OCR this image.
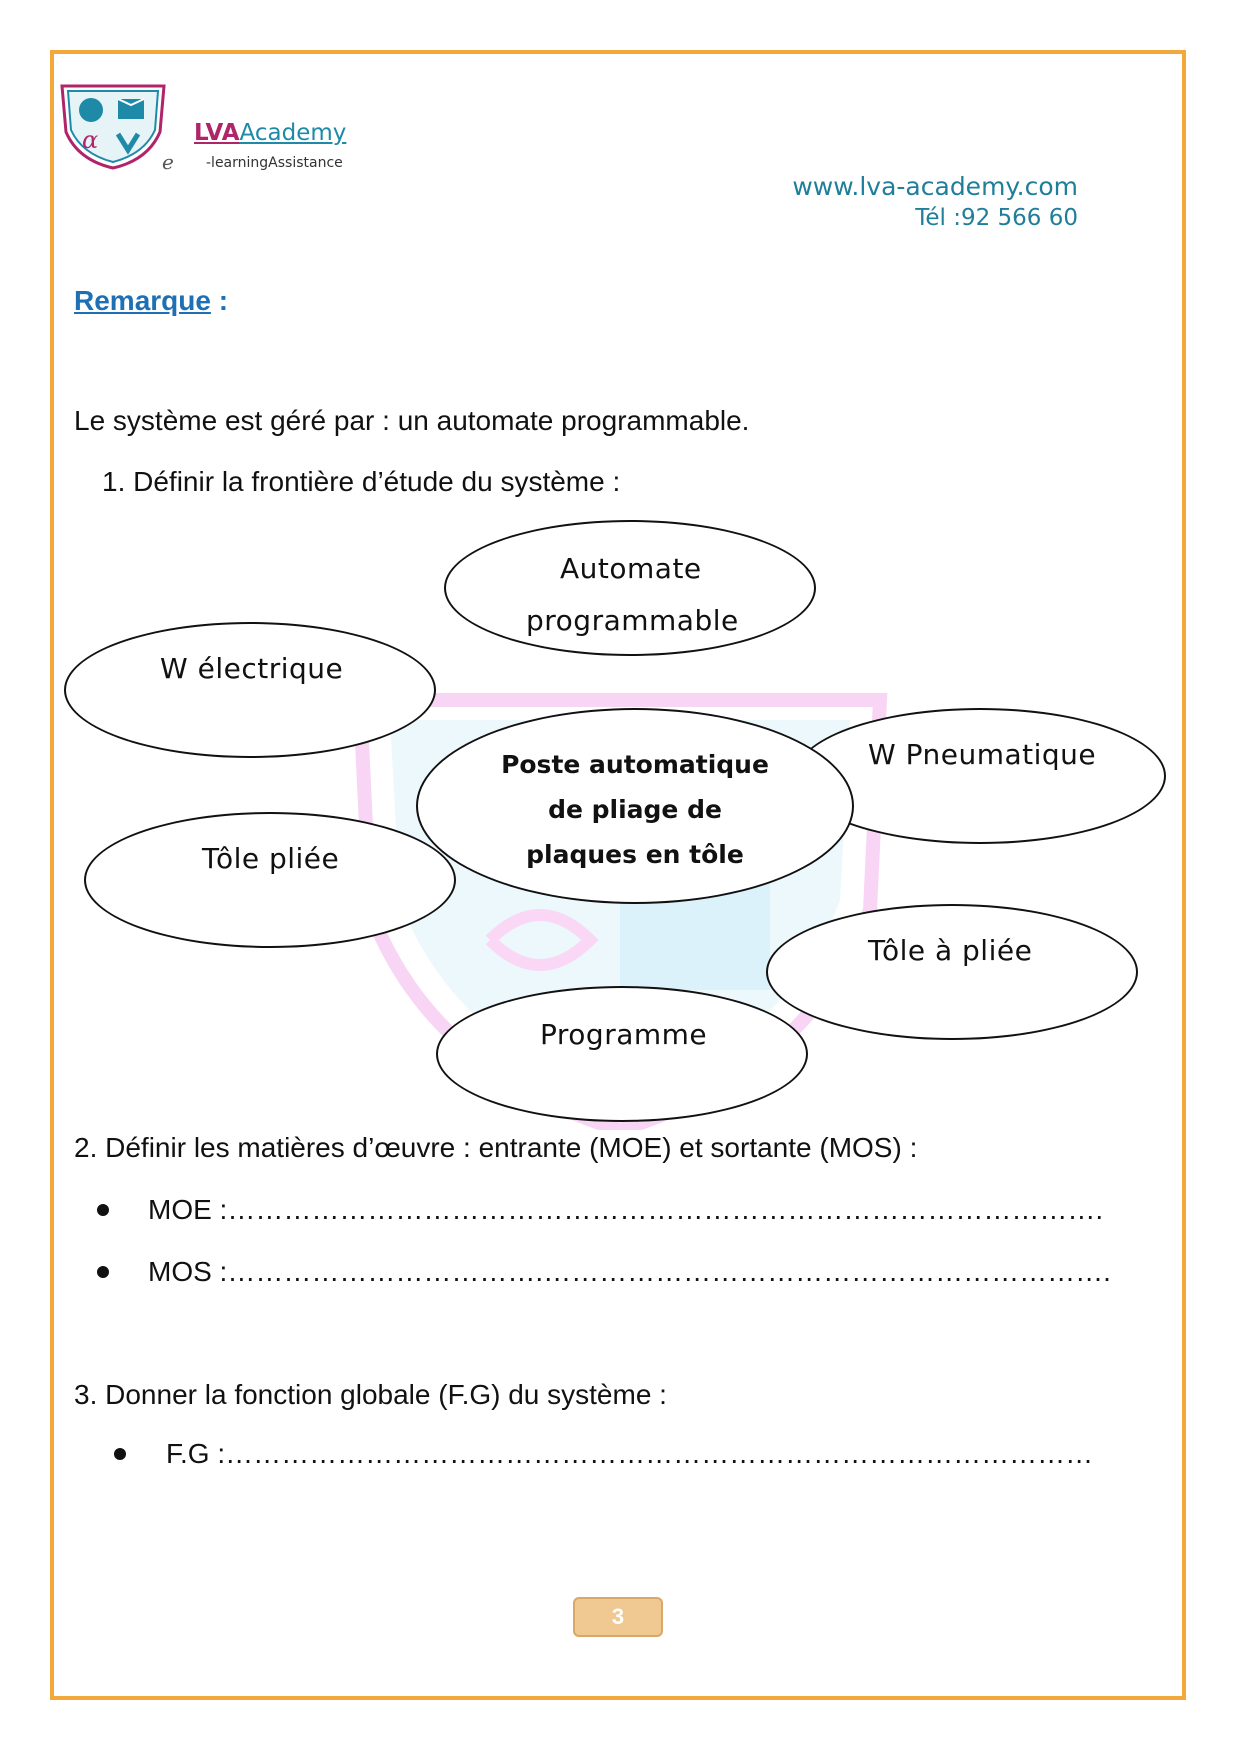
α	LVAAcademy
e -learningAssistance
www.lva-academy.com
Tél :92 566 60
Remarque :
Le système est géré par : un automate programmable.
1. Définir la frontière d’étude du système :
Automate
programmable
W électrique
W Pneumatique
Tôle pliée
Tôle à pliée
Programme
Poste automatique
de pliage de
plaques en tôle
2. Définir les matières d’œuvre : entrante (MOE) et sortante (MOS) :
MOE :………………………………………………………………………………….
MOS :…………………………….…………………………………………………….
3. Donner la fonction globale (F.G) du système :
F.G :…………………………………………………………………………………
3
